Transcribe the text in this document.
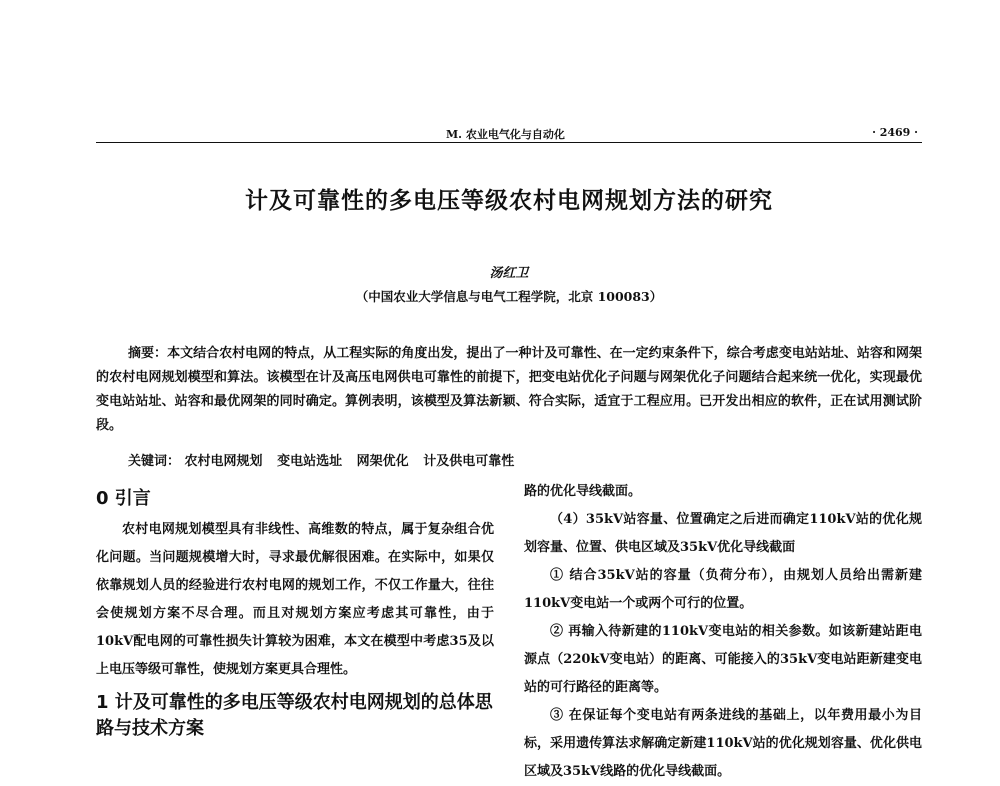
M. 农业电气化与自动化	· 2469 ·
计及可靠性的多电压等级农村电网规划方法的研究
汤红卫
（中国农业大学信息与电气工程学院，北京 100083）
摘要：本文结合农村电网的特点，从工程实际的角度出发，提出了一种计及可靠性、在一定约束条件下，综合考虑变电站站址、站容和网架的农村电网规划模型和算法。该模型在计及高压电网供电可靠性的前提下，把变电站优化子问题与网架优化子问题结合起来统一优化，实现最优变电站站址、站容和最优网架的同时确定。算例表明，该模型及算法新颖、符合实际，适宜于工程应用。已开发出相应的软件，正在试用测试阶段。
关键词： 农村电网规划 变电站选址 网架优化 计及供电可靠性
0 引言

农村电网规划模型具有非线性、高维数的特点，属于复杂组合优化问题。当问题规模增大时，寻求最优解很困难。在实际中，如果仅依靠规划人员的经验进行农村电网的规划工作，不仅工作量大，往往会使规划方案不尽合理。而且对规划方案应考虑其可靠性，由于10kV配电网的可靠性损失计算较为困难，本文在模型中考虑35及以上电压等级可靠性，使规划方案更具合理性。

1 计及可靠性的多电压等级农村电网规划的总体思路与技术方案

路的优化导线截面。

（4）35kV站容量、位置确定之后进而确定110kV站的优化规划容量、位置、供电区域及35kV优化导线截面

① 结合35kV站的容量（负荷分布），由规划人员给出需新建110kV变电站一个或两个可行的位置。

② 再输入待新建的110kV变电站的相关参数。如该新建站距电源点（220kV变电站）的距离、可能接入的35kV变电站距新建变电站的可行路径的距离等。

③ 在保证每个变电站有两条进线的基础上，以年费用最小为目标，采用遗传算法求解确定新建110kV站的优化规划容量、优化供电区域及35kV线路的优化导线截面。
